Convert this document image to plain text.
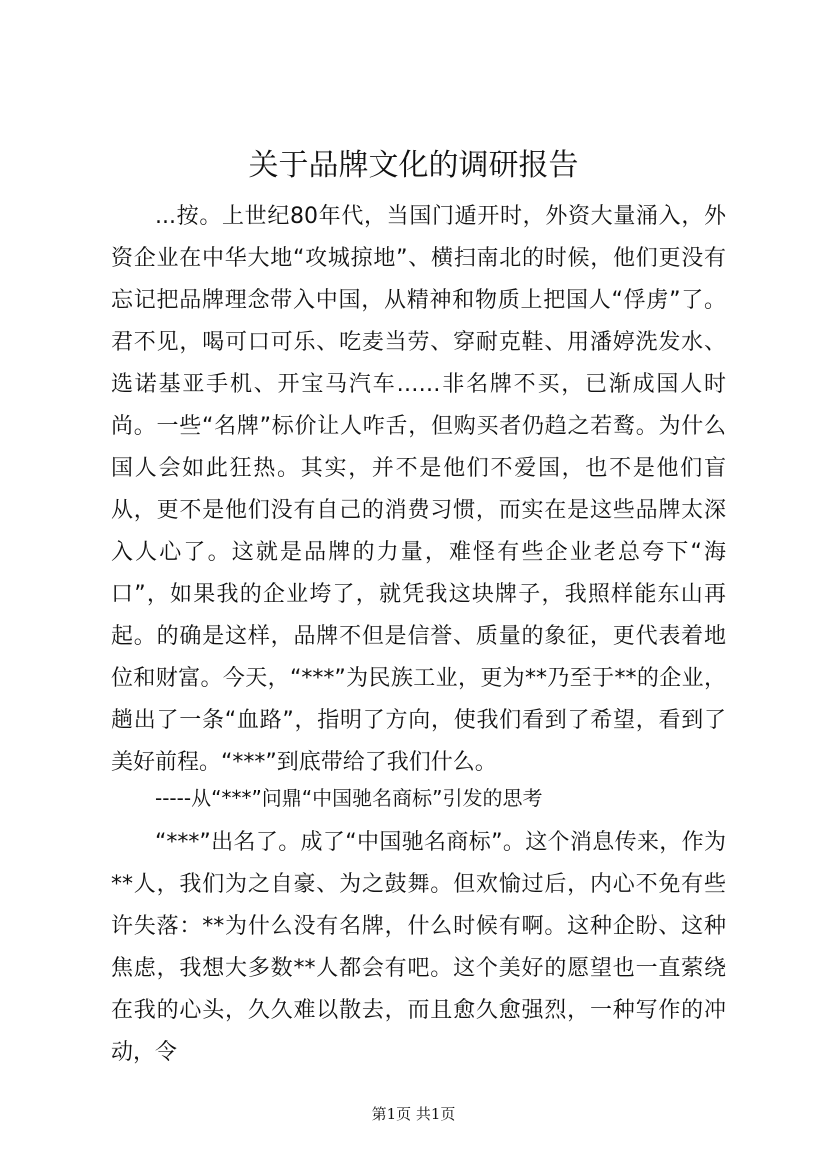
关于品牌文化的调研报告

...按。上世纪80年代，当国门遁开时，外资大量涌入，外资企业在中华大地“攻城掠地”、横扫南北的时候，他们更没有忘记把品牌理念带入中国，从精神和物质上把国人“俘虏”了。君不见，喝可口可乐、吃麦当劳、穿耐克鞋、用潘婷洗发水、选诺基亚手机、开宝马汽车……非名牌不买，已渐成国人时尚。一些“名牌”标价让人咋舌，但购买者仍趋之若鹜。为什么国人会如此狂热。其实，并不是他们不爱国，也不是他们盲从，更不是他们没有自己的消费习惯，而实在是这些品牌太深入人心了。这就是品牌的力量，难怪有些企业老总夸下“海口”，如果我的企业垮了，就凭我这块牌子，我照样能东山再起。的确是这样，品牌不但是信誉、质量的象征，更代表着地位和财富。今天，“***”为民族工业，更为**乃至于**的企业，趟出了一条“血路”，指明了方向，使我们看到了希望，看到了美好前程。“***”到底带给了我们什么。

-----从“***”问鼎“中国驰名商标”引发的思考

“***”出名了。成了“中国驰名商标”。这个消息传来，作为**人，我们为之自豪、为之鼓舞。但欢愉过后，内心不免有些许失落：**为什么没有名牌，什么时候有啊。这种企盼、这种焦虑，我想大多数**人都会有吧。这个美好的愿望也一直萦绕在我的心头，久久难以散去，而且愈久愈强烈，一种写作的冲动，令

第1页 共1页
